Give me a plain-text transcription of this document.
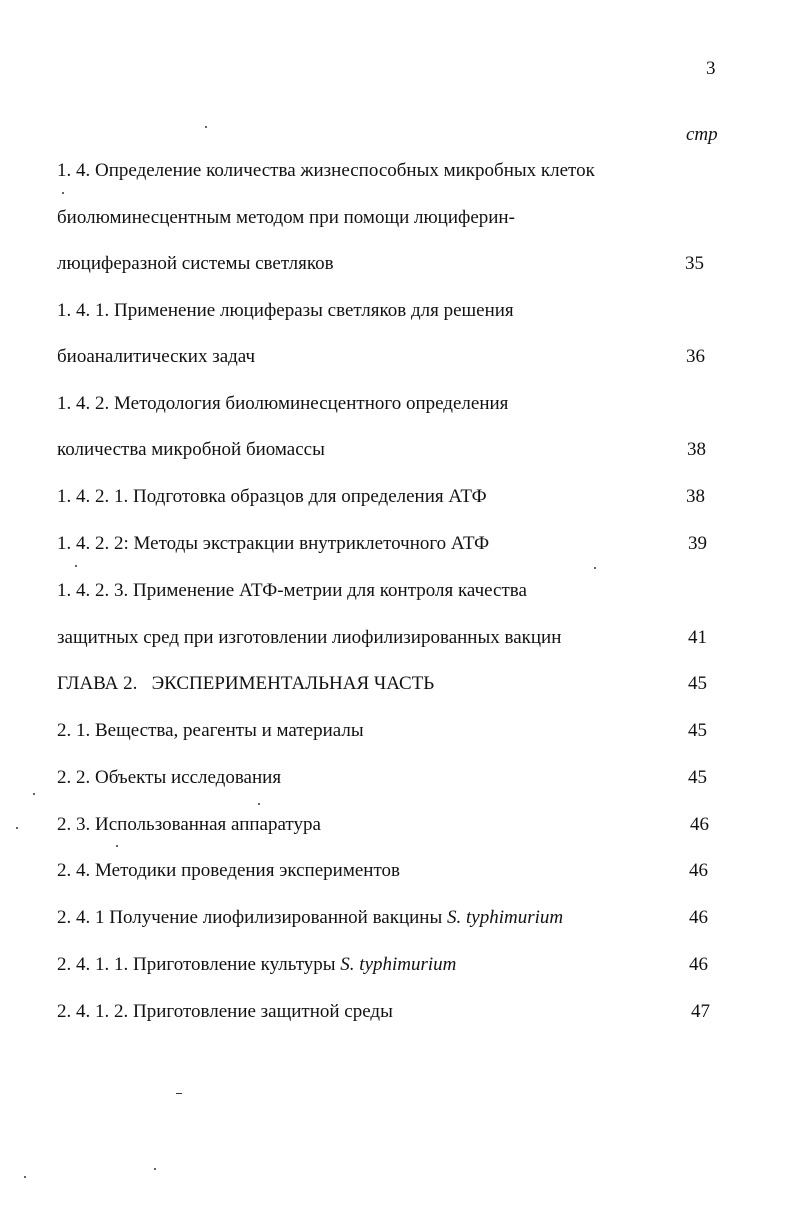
3
стр
1. 4. Определение количества жизнеспособных микробных клеток
биолюминесцентным методом при помощи люциферин-
люциферазной системы светляков	35
1. 4. 1. Применение люциферазы светляков для решения
биоаналитических задач	36
1. 4. 2. Методология биолюминесцентного определения
количества микробной биомассы	38
1. 4. 2. 1. Подготовка образцов для определения АТФ	38
1. 4. 2. 2: Методы экстракции внутриклеточного АТФ	39
1. 4. 2. 3. Применение АТФ-метрии для контроля качества
защитных сред при изготовлении лиофилизированных вакцин	41
ГЛАВА 2.   ЭКСПЕРИМЕНТАЛЬНАЯ ЧАСТЬ	45
2. 1. Вещества, реагенты и материалы	45
2. 2. Объекты исследования	45
2. 3. Использованная аппаратура	46
2. 4. Методики проведения экспериментов	46
2. 4. 1 Получение лиофилизированной вакцины S. typhimurium	46
2. 4. 1. 1. Приготовление культуры S. typhimurium	46
2. 4. 1. 2. Приготовление защитной среды	47
